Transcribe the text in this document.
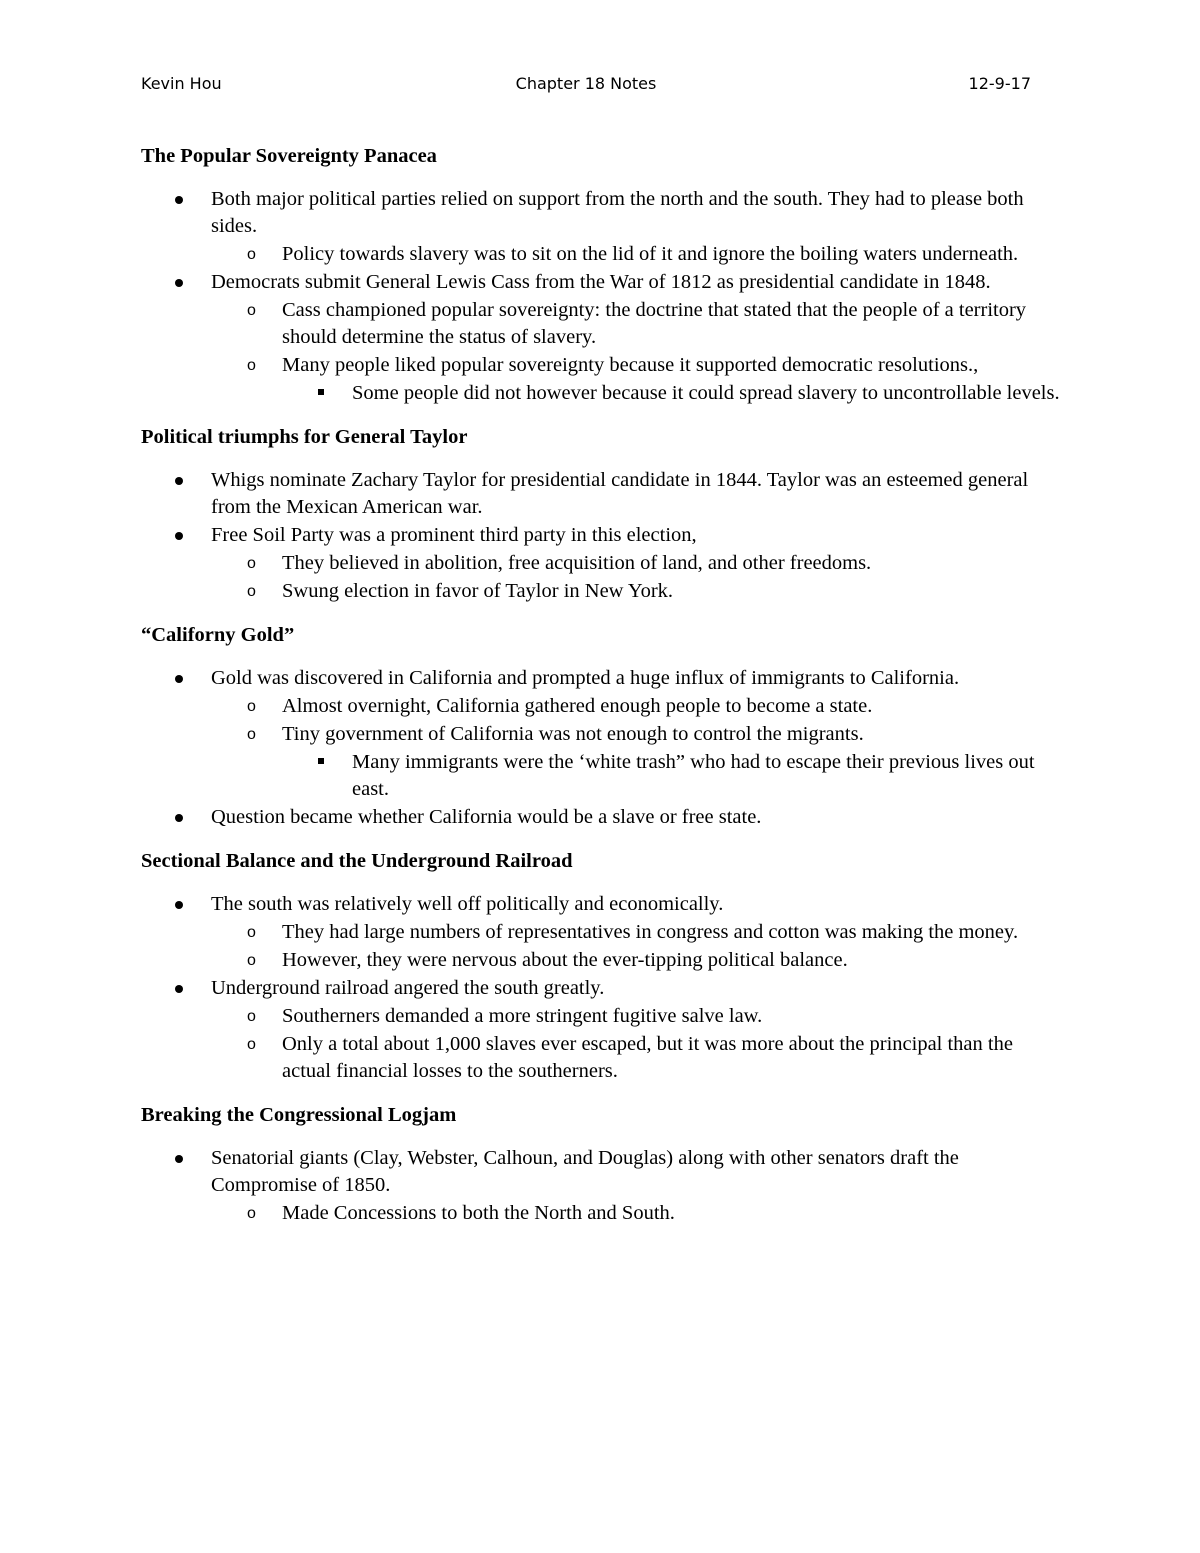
Chapter 18 Notes
Kevin Hou	12-9-17
The Popular Sovereignty Panacea
Both major political parties relied on support from the north and the south. They had to please both sides.
o Policy towards slavery was to sit on the lid of it and ignore the boiling waters underneath.
Democrats submit General Lewis Cass from the War of 1812 as presidential candidate in 1848.
o Cass championed popular sovereignty: the doctrine that stated that the people of a territory should determine the status of slavery.
o Many people liked popular sovereignty because it supported democratic resolutions.,
Some people did not however because it could spread slavery to uncontrollable levels.
Political triumphs for General Taylor
Whigs nominate Zachary Taylor for presidential candidate in 1844. Taylor was an esteemed general from the Mexican American war.
Free Soil Party was a prominent third party in this election,
o They believed in abolition, free acquisition of land, and other freedoms.
o Swung election in favor of Taylor in New York.
“Californy Gold”
Gold was discovered in California and prompted a huge influx of immigrants to California.
o Almost overnight, California gathered enough people to become a state.
o Tiny government of California was not enough to control the migrants.
Many immigrants were the ‘white trash” who had to escape their previous lives out east.
Question became whether California would be a slave or free state.
Sectional Balance and the Underground Railroad
The south was relatively well off politically and economically.
o They had large numbers of representatives in congress and cotton was making the money.
o However, they were nervous about the ever-tipping political balance.
Underground railroad angered the south greatly.
o Southerners demanded a more stringent fugitive salve law.
o Only a total about 1,000 slaves ever escaped, but it was more about the principal than the actual financial losses to the southerners.
Breaking the Congressional Logjam
Senatorial giants (Clay, Webster, Calhoun, and Douglas) along with other senators draft the Compromise of 1850.
o Made Concessions to both the North and South.
